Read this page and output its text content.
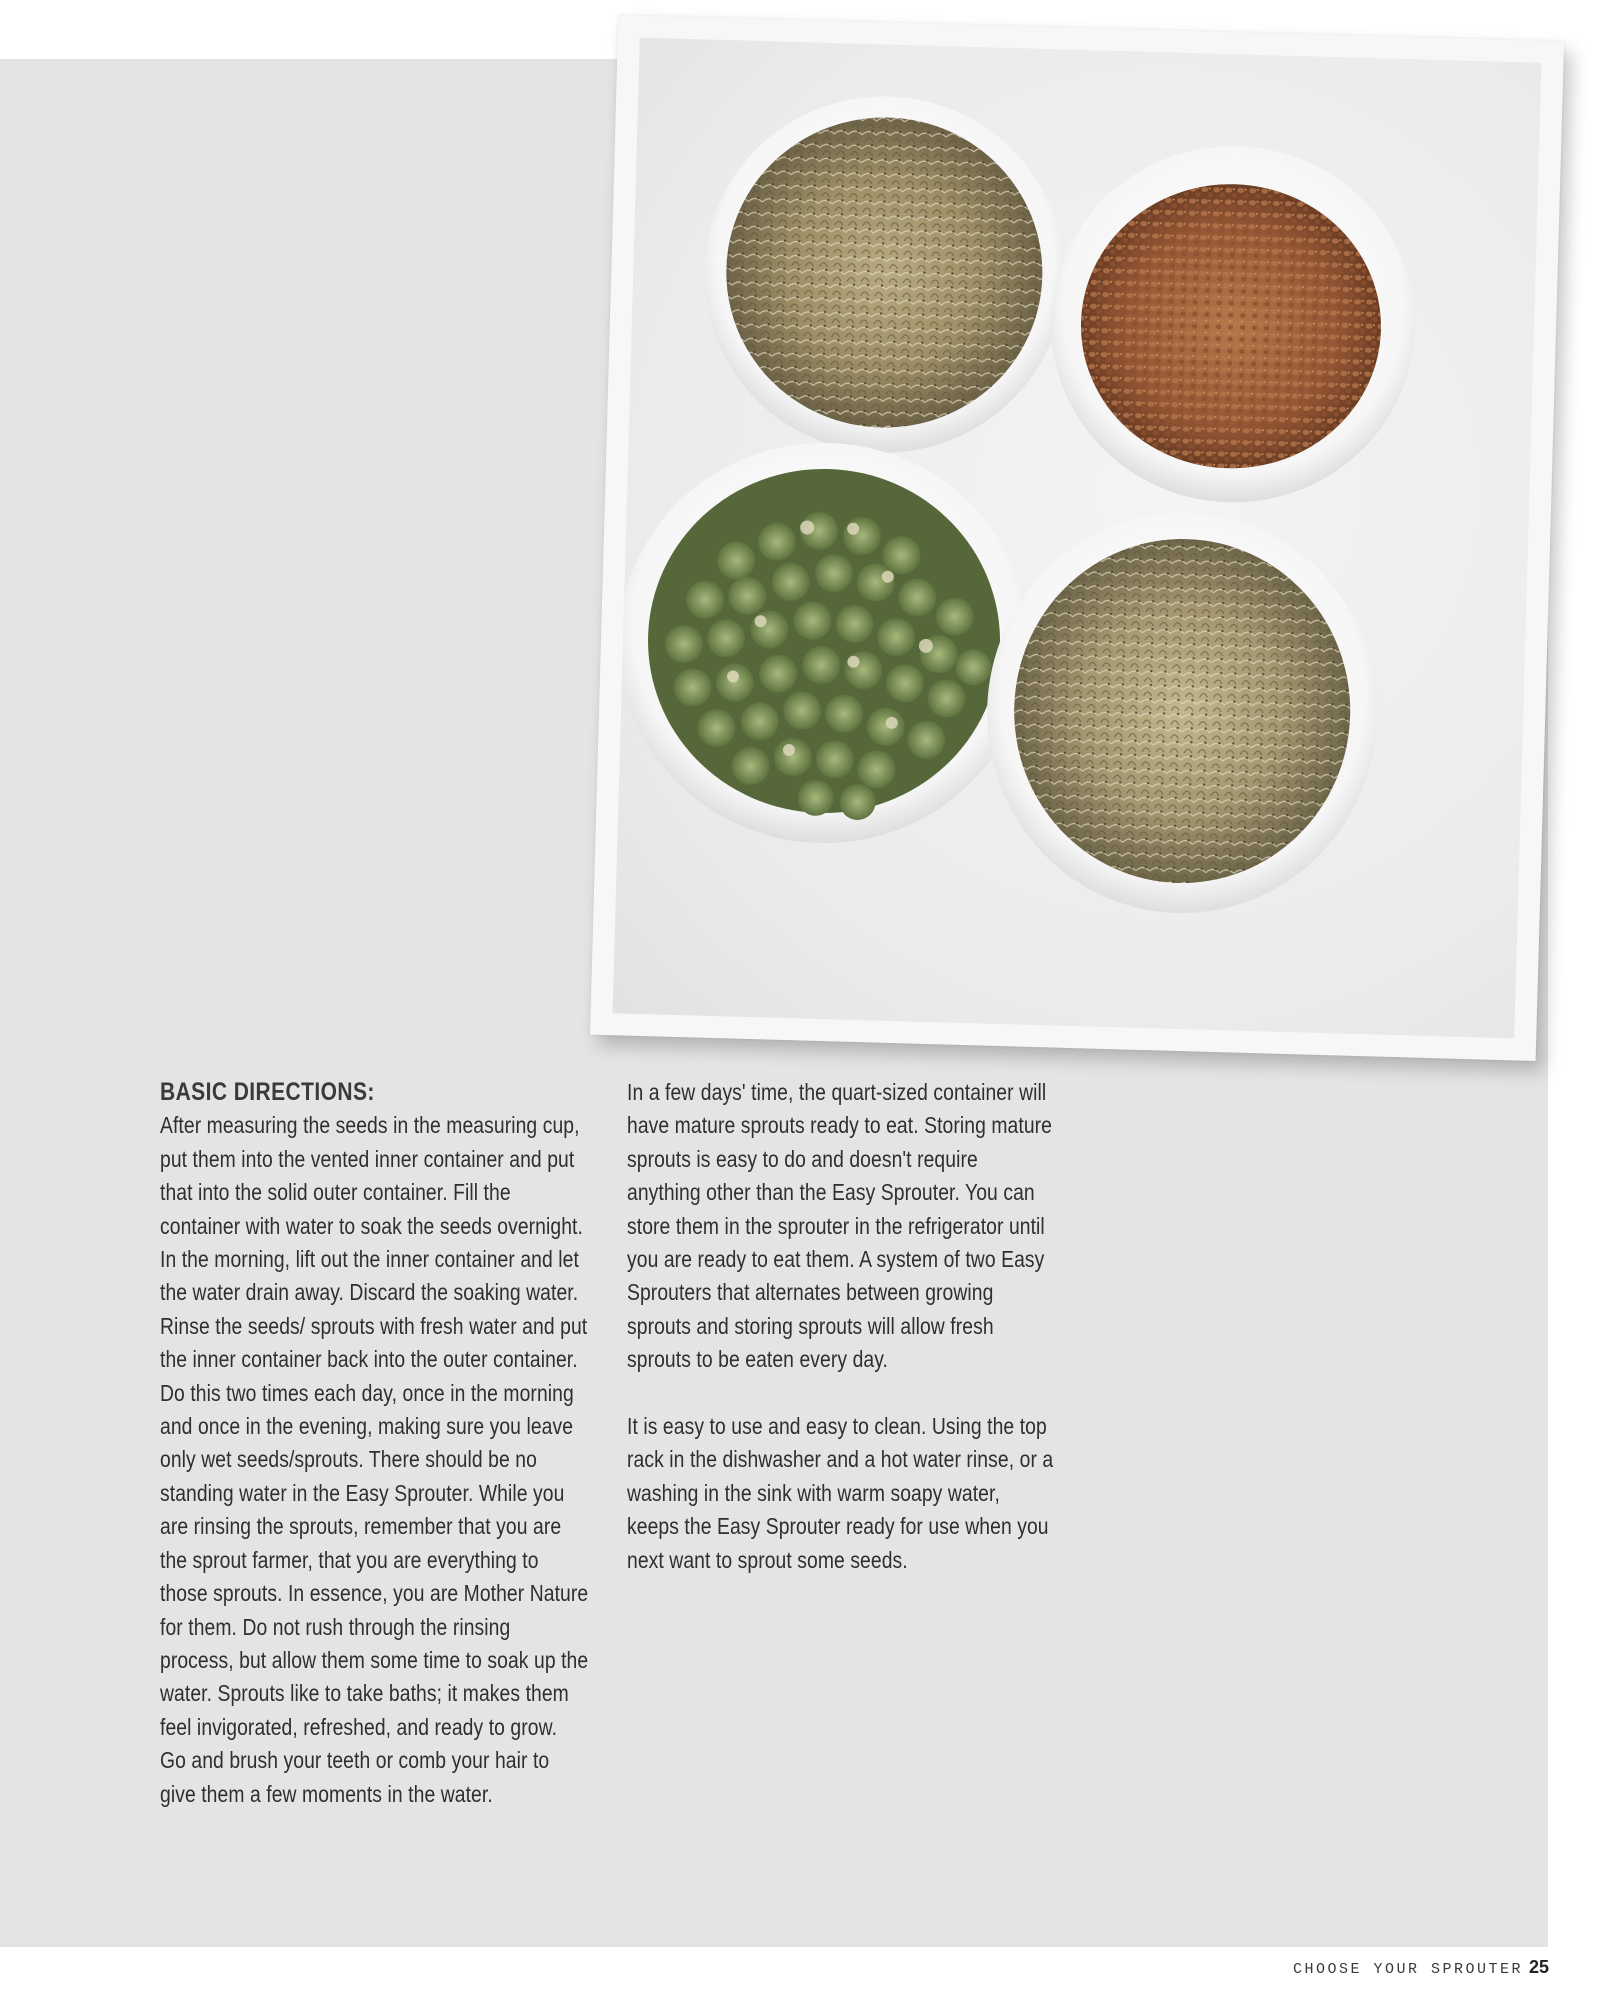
BASIC DIRECTIONS:

After measuring the seeds in the measuring cup, put them into the vented inner container and put that into the solid outer container. Fill the container with water to soak the seeds overnight. In the morning, lift out the inner container and let the water drain away. Discard the soaking water. Rinse the seeds/ sprouts with fresh water and put the inner container back into the outer container. Do this two times each day, once in the morning and once in the evening, making sure you leave only wet seeds/sprouts. There should be no standing water in the Easy Sprouter. While you are rinsing the sprouts, remember that you are the sprout farmer, that you are everything to those sprouts. In essence, you are Mother Nature for them. Do not rush through the rinsing process, but allow them some time to soak up the water. Sprouts like to take baths; it makes them feel invigorated, refreshed, and ready to grow. Go and brush your teeth or comb your hair to give them a few moments in the water.

In a few days' time, the quart-sized container will have mature sprouts ready to eat. Storing mature sprouts is easy to do and doesn't require anything other than the Easy Sprouter. You can store them in the sprouter in the refrigerator until you are ready to eat them. A system of two Easy Sprouters that alternates between growing sprouts and storing sprouts will allow fresh sprouts to be eaten every day.

It is easy to use and easy to clean. Using the top rack in the dishwasher and a hot water rinse, or a washing in the sink with warm soapy water, keeps the Easy Sprouter ready for use when you next want to sprout some seeds.

CHOOSE YOUR SPROUTER 25
